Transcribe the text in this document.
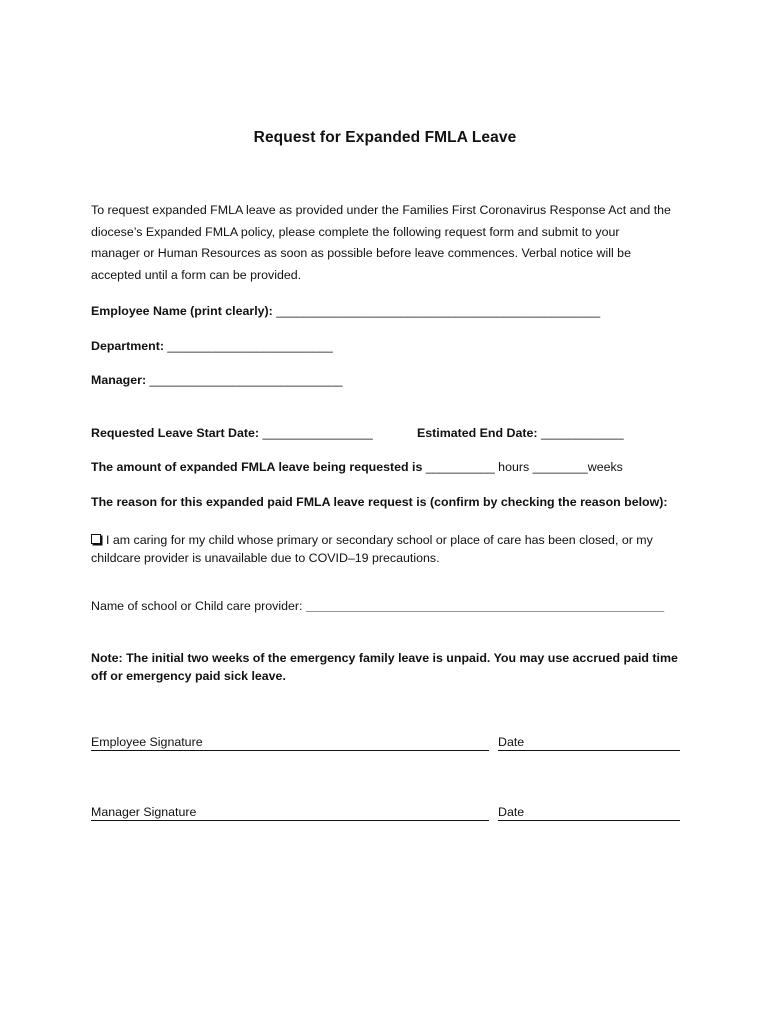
Request for Expanded FMLA Leave
To request expanded FMLA leave as provided under the Families First Coronavirus Response Act and the
diocese’s Expanded FMLA policy, please complete the following request form and submit to your
manager or Human Resources as soon as possible before leave commences. Verbal notice will be
accepted until a form can be provided.
Employee Name (print clearly): _______________________________________________
Department: ________________________
Manager: ____________________________
Requested Leave Start Date: ________________	Estimated End Date: ____________
The amount of expanded FMLA leave being requested is __________ hours ________weeks
The reason for this expanded paid FMLA leave request is (confirm by checking the reason below):
I am caring for my child whose primary or secondary school or place of care has been closed, or my
childcare provider is unavailable due to COVID–19 precautions.
Name of school or Child care provider: ____________________________________________________
Note: The initial two weeks of the emergency family leave is unpaid. You may use accrued paid time
off or emergency paid sick leave.
Employee Signature	Date
Manager Signature	Date
